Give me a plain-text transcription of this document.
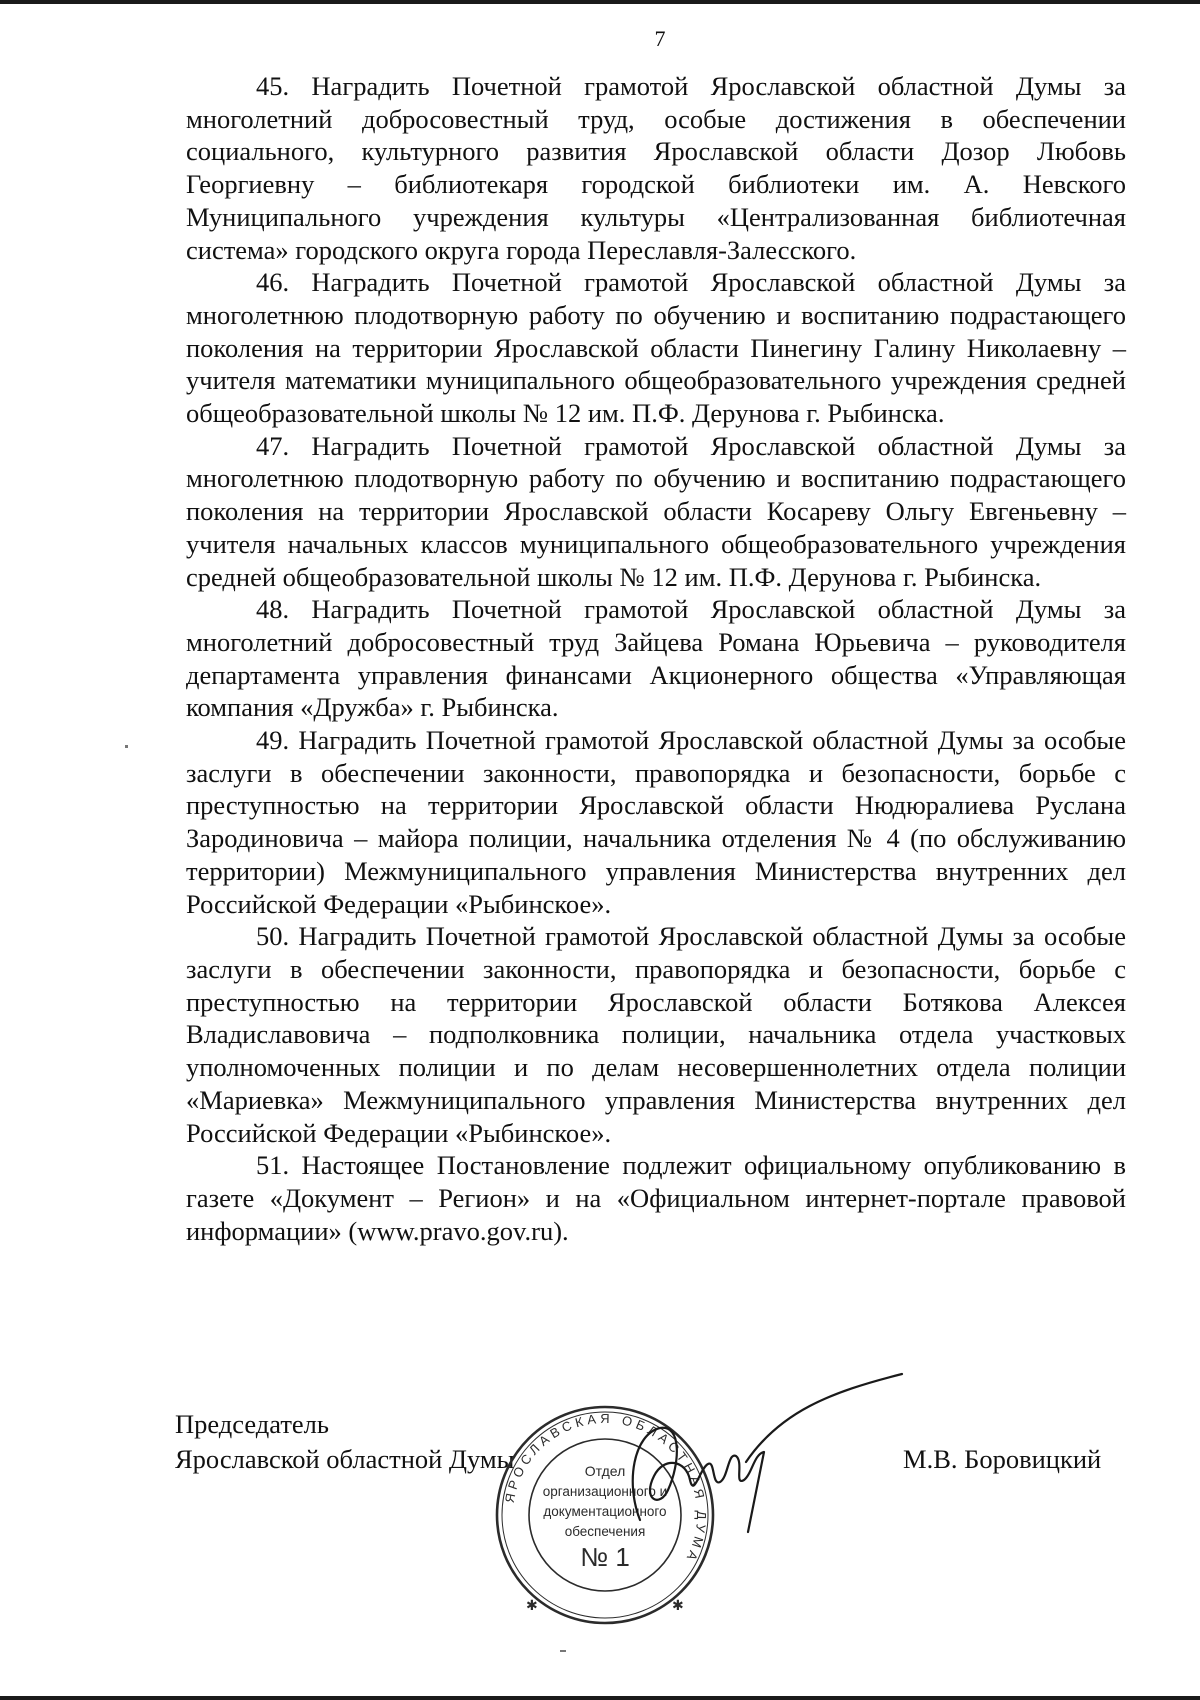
7

45. Наградить Почетной грамотой Ярославской областной Думы за многолетний добросовестный труд, особые достижения в обеспечении социального, культурного развития Ярославской области Дозор Любовь Георгиевну – библиотекаря городской библиотеки им. А. Невского Муниципального учреждения культуры «Централизованная библиотечная система» городского округа города Переславля-Залесского.

46. Наградить Почетной грамотой Ярославской областной Думы за многолетнюю плодотворную работу по обучению и воспитанию подрастающего поколения на территории Ярославской области Пинегину Галину Николаевну – учителя математики муниципального общеобразовательного учреждения средней общеобразовательной школы № 12 им. П.Ф. Дерунова г. Рыбинска.

47. Наградить Почетной грамотой Ярославской областной Думы за многолетнюю плодотворную работу по обучению и воспитанию подрастающего поколения на территории Ярославской области Косареву Ольгу Евгеньевну – учителя начальных классов муниципального общеобразовательного учреждения средней общеобразовательной школы № 12 им. П.Ф. Дерунова г. Рыбинска.

48. Наградить Почетной грамотой Ярославской областной Думы за многолетний добросовестный труд Зайцева Романа Юрьевича – руководителя департамента управления финансами Акционерного общества «Управляющая компания «Дружба» г. Рыбинска.

49. Наградить Почетной грамотой Ярославской областной Думы за особые заслуги в обеспечении законности, правопорядка и безопасности, борьбе с преступностью на территории Ярославской области Нюдюралиева Руслана Зародиновича – майора полиции, начальника отделения № 4 (по обслуживанию территории) Межмуниципального управления Министерства внутренних дел Российской Федерации «Рыбинское».

50. Наградить Почетной грамотой Ярославской областной Думы за особые заслуги в обеспечении законности, правопорядка и безопасности, борьбе с преступностью на территории Ярославской области Ботякова Алексея Владиславовича – подполковника полиции, начальника отдела участковых уполномоченных полиции и по делам несовершеннолетних отдела полиции «Мариевка» Межмуниципального управления Министерства внутренних дел Российской Федерации «Рыбинское».

51. Настоящее Постановление подлежит официальному опубликованию в газете «Документ – Регион» и на «Официальном интернет-портале правовой информации» (www.pravo.gov.ru).

Председатель
Ярославской областной Думы	М.В. Боровицкий
ЯРОСЛАВСКАЯ ОБЛАСТНАЯ ДУМА
✱	✱
Отдел
организационного и
документационного
обеспечения
№ 1
